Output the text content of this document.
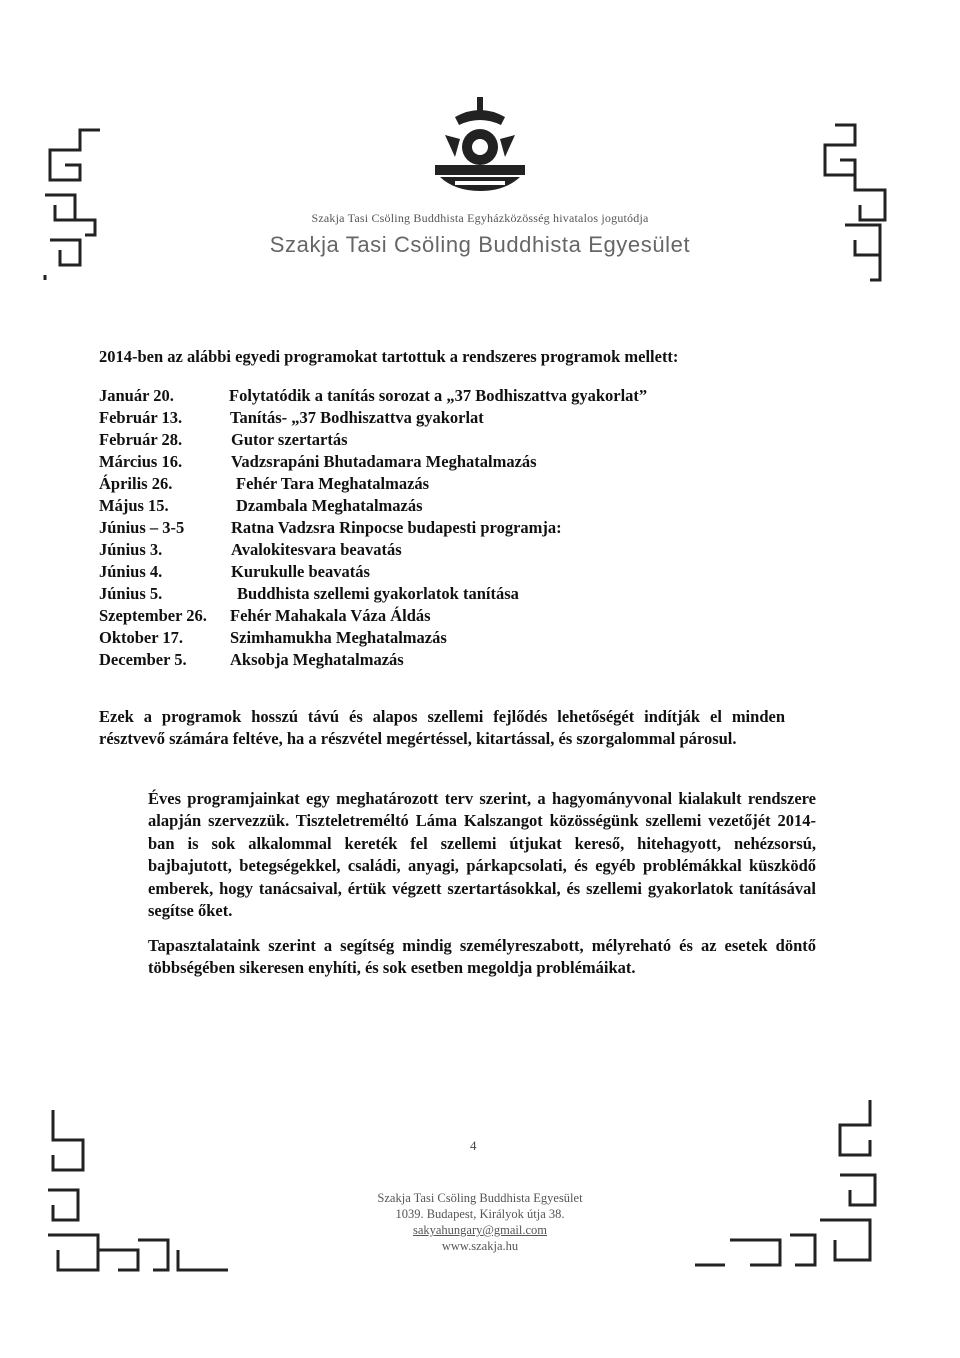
Szakja Tasi Csöling Buddhista Egyházközösség hivatalos jogutódja
Szakja Tasi Csöling Buddhista Egyesület
2014-ben az alábbi egyedi programokat tartottuk a rendszeres programok mellett:
Január 20.	Folytatódik a tanítás sorozat a „37 Bodhiszattva gyakorlat”
Február 13.	Tanítás- „37 Bodhiszattva gyakorlat
Február 28.	Gutor szertartás
Március 16.	Vadzsrapáni Bhutadamara Meghatalmazás
Április 26.	Fehér Tara Meghatalmazás
Május 15.	Dzambala Meghatalmazás
Június – 3-5	Ratna Vadzsra Rinpocse budapesti programja:
Június 3.	Avalokitesvara beavatás
Június 4.	Kurukulle beavatás
Június 5.	Buddhista szellemi gyakorlatok tanítása
Szeptember 26. Fehér Mahakala Váza Áldás
Oktober 17.	Szimhamukha Meghatalmazás
December 5.	Aksobja Meghatalmazás
Ezek a programok hosszú távú és alapos szellemi fejlődés lehetőségét indítják el minden résztvevő számára feltéve, ha a részvétel megértéssel, kitartással, és szorgalommal párosul.
Éves programjainkat egy meghatározott terv szerint, a hagyományvonal kialakult rendszere alapján szervezzük. Tiszteletreméltó Láma Kalszangot közösségünk szellemi vezetőjét 2014-ban is sok alkalommal kereték fel szellemi útjukat kereső, hitehagyott, nehézsorsú, bajbajutott, betegségekkel, családi, anyagi, párkapcsolati, és egyéb problémákkal küszködő emberek, hogy tanácsaival, értük végzett szertartásokkal, és szellemi gyakorlatok tanításával segítse őket.
Tapasztalataink szerint a segítség mindig személyreszabott, mélyreható és az esetek döntő többségében sikeresen enyhíti, és sok esetben megoldja problémáikat.
4
Szakja Tasi Csöling Buddhista Egyesület
1039. Budapest, Királyok útja 38.
sakyahungary@gmail.com
www.szakja.hu
